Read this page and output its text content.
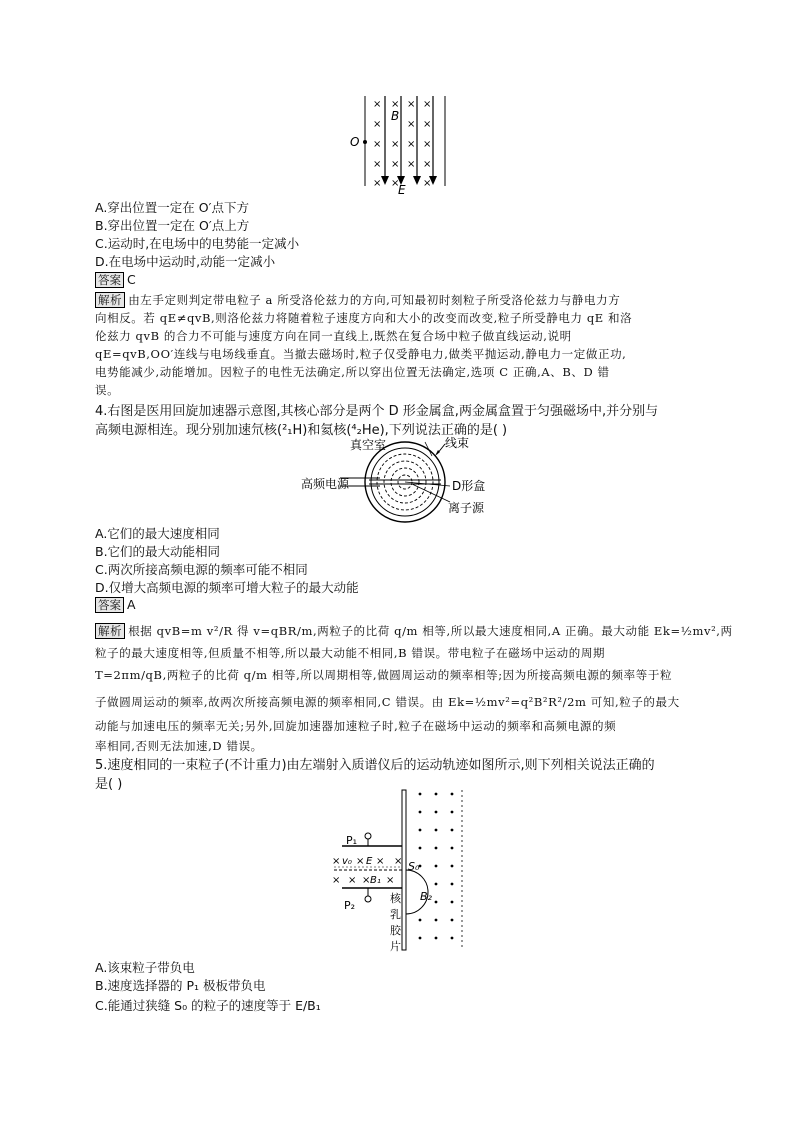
× × × ×
×	× ×
× × × ×
× × × ×
× × ×
O
B
E
A.穿出位置一定在 O′点下方
B.穿出位置一定在 O′点上方
C.运动时,在电场中的电势能一定减小
D.在电场中运动时,动能一定减小
答案 C
解析 由左手定则判定带电粒子 a 所受洛伦兹力的方向,可知最初时刻粒子所受洛伦兹力与静电力方
向相反。若 qE≠qvB,则洛伦兹力将随着粒子速度方向和大小的改变而改变,粒子所受静电力 qE 和洛
伦兹力 qvB 的合力不可能与速度方向在同一直线上,既然在复合场中粒子做直线运动,说明
qE=qvB,OO′连线与电场线垂直。当撤去磁场时,粒子仅受静电力,做类平抛运动,静电力一定做正功,
电势能减少,动能增加。因粒子的电性无法确定,所以穿出位置无法确定,选项 C 正确,A、B、D 错
误。
4.右图是医用回旋加速器示意图,其核心部分是两个 D 形金属盒,两金属盒置于匀强磁场中,并分别与
高频电源相连。现分别加速氘核(²₁H)和氦核(⁴₂He),下列说法正确的是( )
真空室	线束
高频电源	D形盒
离子源
A.它们的最大速度相同
B.它们的最大动能相同
C.两次所接高频电源的频率可能不相同
D.仅增大高频电源的频率可增大粒子的最大动能
答案 A
解析 根据 qvB=m v²/R 得 v=qBR/m,两粒子的比荷 q/m 相等,所以最大速度相同,A 正确。最大动能 Ek=½mv²,两
粒子的最大速度相等,但质量不相等,所以最大动能不相同,B 错误。带电粒子在磁场中运动的周期
T=2πm/qB,两粒子的比荷 q/m 相等,所以周期相等,做圆周运动的频率相等;因为所接高频电源的频率等于粒
子做圆周运动的频率,故两次所接高频电源的频率相同,C 错误。由 Ek=½mv²=q²B²R²/2m 可知,粒子的最大
动能与加速电压的频率无关;另外,回旋加速器加速粒子时,粒子在磁场中运动的频率和高频电源的频
率相同,否则无法加速,D 错误。
5.速度相同的一束粒子(不计重力)由左端射入质谱仪后的运动轨迹如图所示,则下列相关说法正确的
是( )
P₁
P₂
× v₀ × E × ×
× × × B₁ ×
S₀
B₂
核
乳
胶
片
A.该束粒子带负电
B.速度选择器的 P₁ 极板带负电
C.能通过狭缝 S₀ 的粒子的速度等于 E/B₁
